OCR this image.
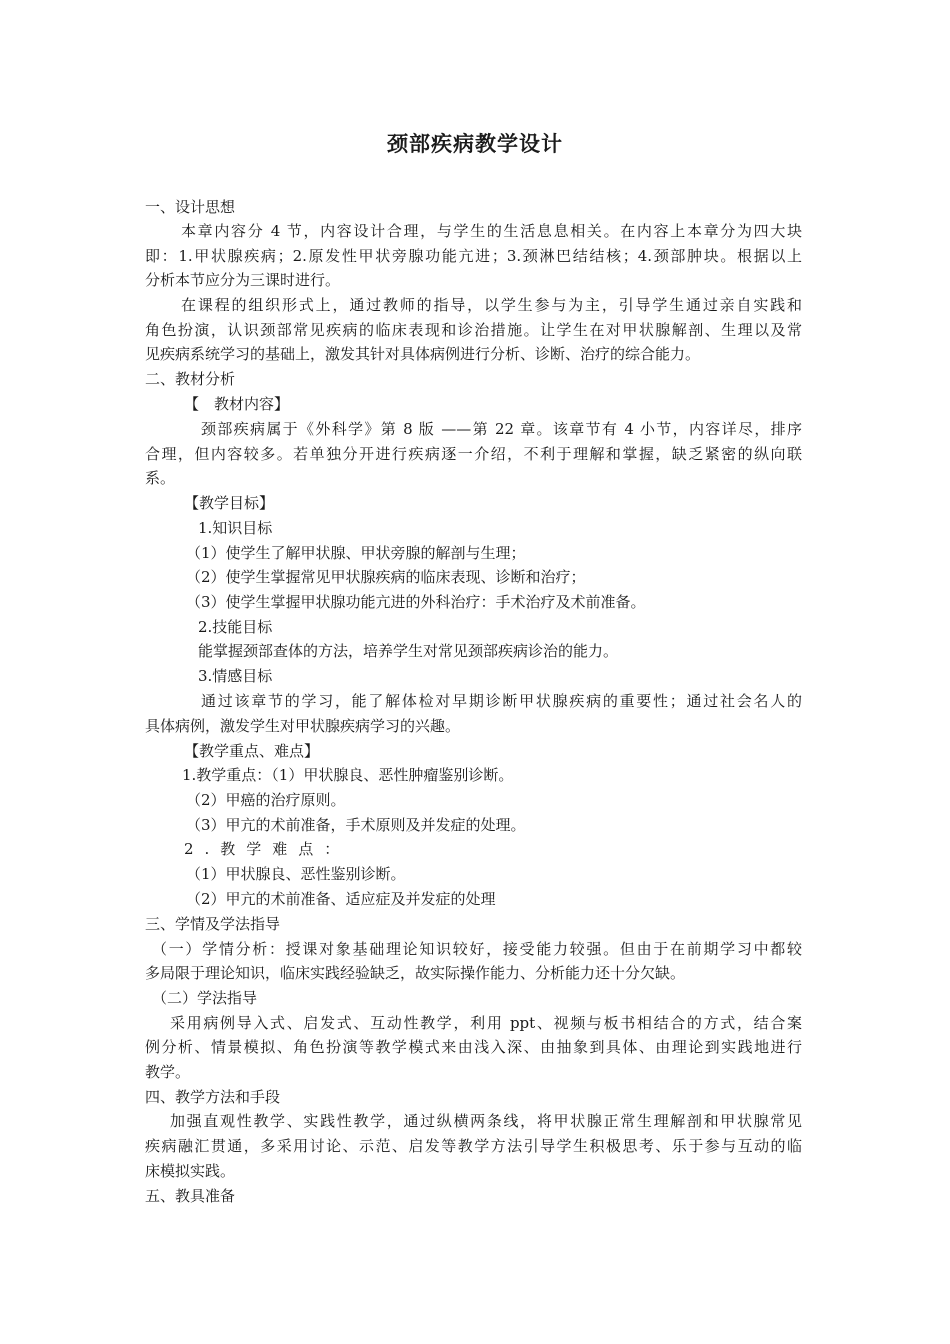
颈部疾病教学设计
一、设计思想
本章内容分 4 节，内容设计合理，与学生的生活息息相关。在内容上本章分为四大块
即：1.甲状腺疾病；2.原发性甲状旁腺功能亢进；3.颈淋巴结结核；4.颈部肿块。根据以上
分析本节应分为三课时进行。
在课程的组织形式上，通过教师的指导，以学生参与为主，引导学生通过亲自实践和
角色扮演，认识颈部常见疾病的临床表现和诊治措施。让学生在对甲状腺解剖、生理以及常
见疾病系统学习的基础上，激发其针对具体病例进行分析、诊断、治疗的综合能力。
二、教材分析
【　教材内容】
颈部疾病属于《外科学》第 8 版 ——第 22 章。该章节有 4 小节，内容详尽，排序
合理，但内容较多。若单独分开进行疾病逐一介绍，不利于理解和掌握，缺乏紧密的纵向联
系。
【教学目标】
1.知识目标
（1）使学生了解甲状腺、甲状旁腺的解剖与生理；
（2）使学生掌握常见甲状腺疾病的临床表现、诊断和治疗；
（3）使学生掌握甲状腺功能亢进的外科治疗：手术治疗及术前准备。
2.技能目标
能掌握颈部查体的方法，培养学生对常见颈部疾病诊治的能力。
3.情感目标
通过该章节的学习，能了解体检对早期诊断甲状腺疾病的重要性；通过社会名人的
具体病例，激发学生对甲状腺疾病学习的兴趣。
【教学重点、难点】
1.教学重点：（1）甲状腺良、恶性肿瘤鉴别诊断。
（2）甲癌的治疗原则。
（3）甲亢的术前准备，手术原则及并发症的处理。
2.教学难点：
（1）甲状腺良、恶性鉴别诊断。
（2）甲亢的术前准备、适应症及并发症的处理
三、学情及学法指导
（一）学情分析：授课对象基础理论知识较好，接受能力较强。但由于在前期学习中都较
多局限于理论知识，临床实践经验缺乏，故实际操作能力、分析能力还十分欠缺。
（二）学法指导
采用病例导入式、启发式、互动性教学，利用 ppt、视频与板书相结合的方式，结合案
例分析、情景模拟、角色扮演等教学模式来由浅入深、由抽象到具体、由理论到实践地进行
教学。
四、教学方法和手段
加强直观性教学、实践性教学，通过纵横两条线，将甲状腺正常生理解剖和甲状腺常见
疾病融汇贯通，多采用讨论、示范、启发等教学方法引导学生积极思考、乐于参与互动的临
床模拟实践。
五、教具准备
